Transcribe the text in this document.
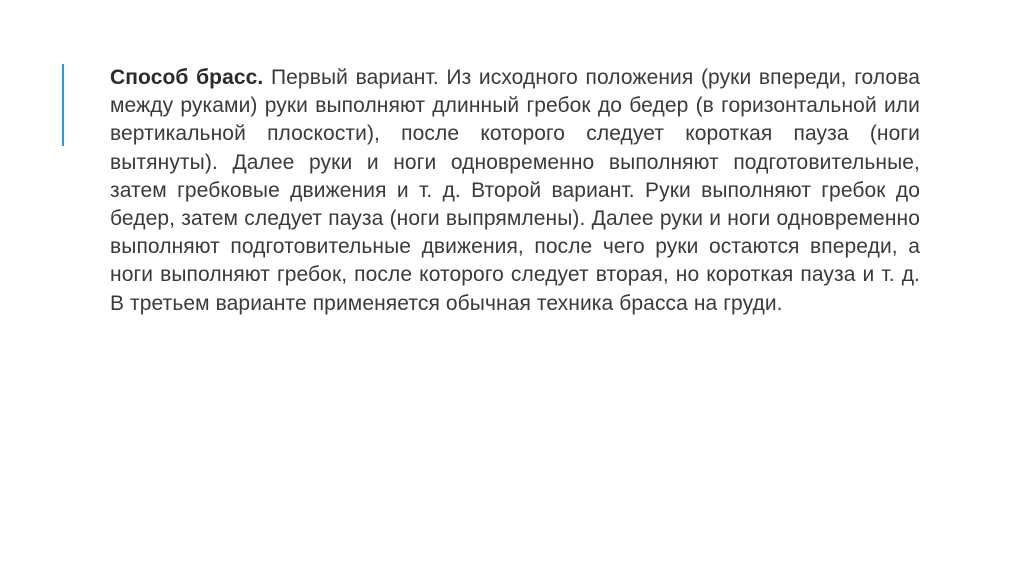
Способ брасс. Первый вариант. Из исходного положения (руки впереди, голова между руками) руки выполняют длинный гребок до бедер (в горизонтальной или вертикальной плоскости), после которого следует короткая пауза (ноги вытянуты). Далее руки и ноги одновременно выполняют подготовительные, затем гребковые движения и т. д. Второй вариант. Руки выполняют гребок до бедер, затем следует пауза (ноги выпрямлены). Далее руки и ноги одновременно выполняют подготовительные движения, после чего руки остаются впереди, а ноги выполняют гребок, после которого следует вторая, но короткая пауза и т. д. В третьем варианте применяется обычная техника брасса на груди.
